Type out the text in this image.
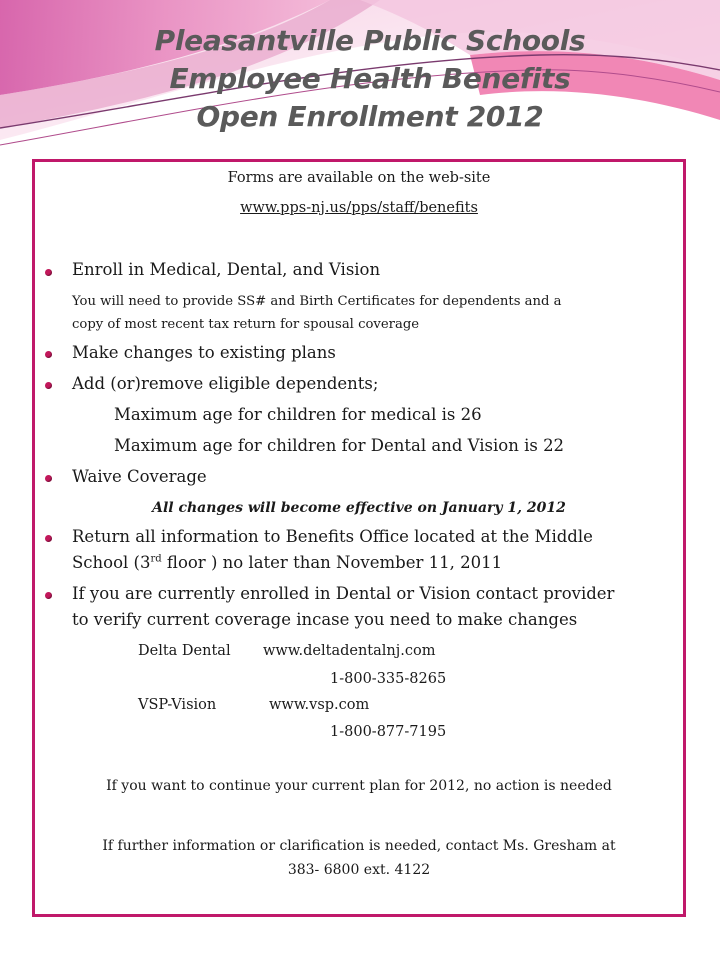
Pleasantville Public Schools
Employee Health Benefits
Open Enrollment 2012
Forms are available on the web-site
www.pps-nj.us/pps/staff/benefits
Enroll in Medical, Dental, and Vision
You will need to provide SS# and Birth Certificates for dependents and a
copy of most recent tax return for spousal coverage
Make changes to existing plans
Add (or)remove eligible dependents;
Maximum age for children for medical is 26
Maximum age for children for Dental and Vision is 22
Waive Coverage
All changes will become effective on January 1, 2012
Return all information to Benefits Office located at the Middle
School (3rd floor ) no later than November 11, 2011
If you are currently enrolled in Dental or Vision contact provider
to verify current coverage incase you need to make changes
Delta Dental www.deltadentalnj.com
1-800-335-8265
VSP-Vision	www.vsp.com
1-800-877-7195
If you want to continue your current plan for 2012, no action is needed
If further information or clarification is needed, contact Ms. Gresham at
383- 6800 ext. 4122
